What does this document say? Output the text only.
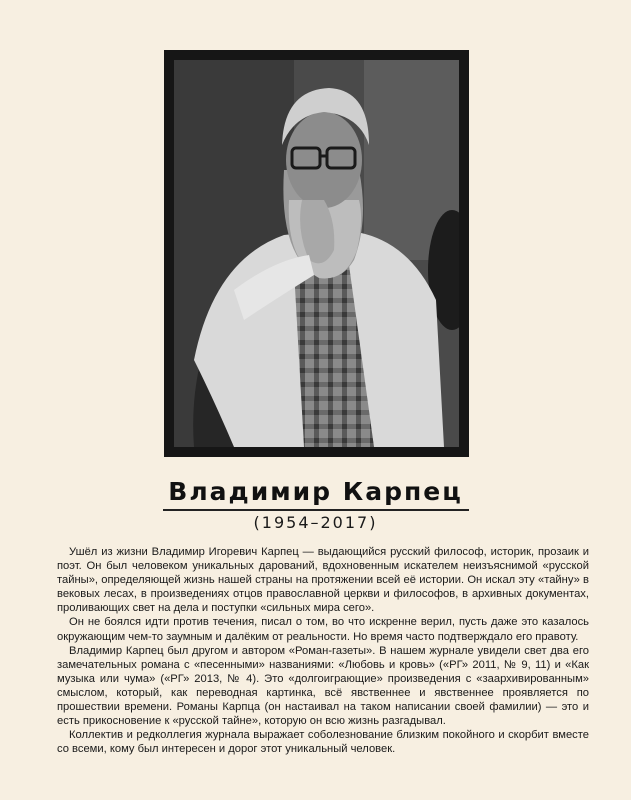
Владимир Карпец

(1954–2017)

Ушёл из жизни Владимир Игоревич Карпец — выдающийся русский философ, историк, прозаик и поэт. Он был человеком уникальных дарований, вдохновенным искателем неизъяснимой «русской тайны», определяющей жизнь нашей страны на протяжении всей её истории. Он искал эту «тайну» в вековых лесах, в произведениях отцов православной церкви и философов, в архивных документах, проливающих свет на дела и поступки «сильных мира сего».

Он не боялся идти против течения, писал о том, во что искренне верил, пусть даже это казалось окружающим чем-то заумным и далёким от реальности. Но время часто подтверждало его правоту.

Владимир Карпец был другом и автором «Роман-газеты». В нашем журнале увидели свет два его замечательных романа с «песенными» названиями: «Любовь и кровь» («РГ» 2011, № 9, 11) и «Как музыка или чума» («РГ» 2013, № 4). Это «долгоиграющие» произведения с «заархивированным» смыслом, который, как переводная картинка, всё явственнее и явственнее проявляется по прошествии времени. Романы Карпца (он настаивал на таком написании своей фамилии) — это и есть прикосновение к «русской тайне», которую он всю жизнь разгадывал.

Коллектив и редколлегия журнала выражает соболезнование близким покойного и скорбит вместе со всеми, кому был интересен и дорог этот уникальный человек.
